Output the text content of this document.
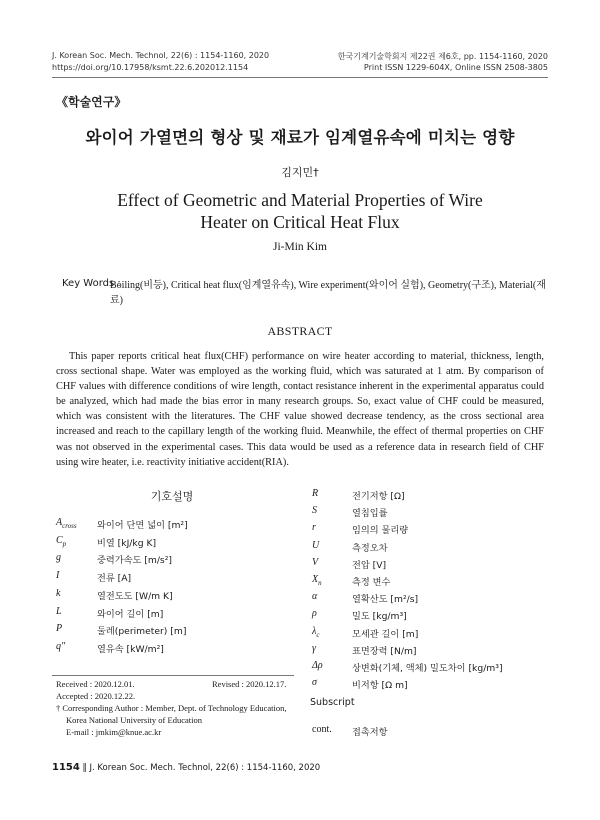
J. Korean Soc. Mech. Technol, 22(6) : 1154-1160, 2020
https://doi.org/10.17958/ksmt.22.6.202012.1154
한국기계기술학회지 제22권 제6호, pp. 1154-1160, 2020
Print ISSN 1229-604X, Online ISSN 2508-3805
《학술연구》
와이어 가열면의 형상 및 재료가 임계열유속에 미치는 영향
김지민†
Effect of Geometric and Material Properties of Wire
Heater on Critical Heat Flux
Ji-Min Kim
Key Words :
Boiling(비등), Critical heat flux(임계열유속), Wire experiment(와이어 실험), Geometry(구조), Material(재료)
ABSTRACT
This paper reports critical heat flux(CHF) performance on wire heater according to material, thickness, length, cross sectional shape. Water was employed as the working fluid, which was saturated at 1 atm. By comparison of CHF values with difference conditions of wire length, contact resistance inherent in the experimental apparatus could be analyzed, which had made the bias error in many research groups. So, exact value of CHF could be measured, which was consistent with the literatures. The CHF value showed decrease tendency, as the cross sectional area increased and reach to the capillary length of the working fluid. Meanwhile, the effect of thermal properties on CHF was not observed in the experimental cases. This data would be used as a reference data in research field of CHF using wire heater, i.e. reactivity initiative accident(RIA).
기호설명
$A_{cross}$ 와이어 단면 넓이 [m²]
$C_p$	비열 [kJ/kg K]
g	중력가속도 [m/s²]
I	전류 [A]
k	열전도도 [W/m K]
L	와이어 길이 [m]
P	둘레(perimeter) [m]
q″	열유속 [kW/m²]
R	전기저항 [Ω]
S	열침입률
r	임의의 물리량
U	측정오차
V	전압 [V]
$X_n$	측정 변수
α	열확산도 [m²/s]
ρ	밀도 [kg/m³]
$\lambda_c$	모세관 길이 [m]
γ	표면장력 [N/m]
Δρ	상변화(기체, 액체) 밀도차이 [kg/m³]
σ	비저항 [Ω m]
Received : 2020.12.01.	Revised : 2020.12.17.
Accepted : 2020.12.22.
† Corresponding Author : Member, Dept. of Technology Education,
Korea National University of Education
E-mail : jmkim@knue.ac.kr
Subscript
cont. 접촉저항
1154 ‖ J. Korean Soc. Mech. Technol, 22(6) : 1154-1160, 2020
